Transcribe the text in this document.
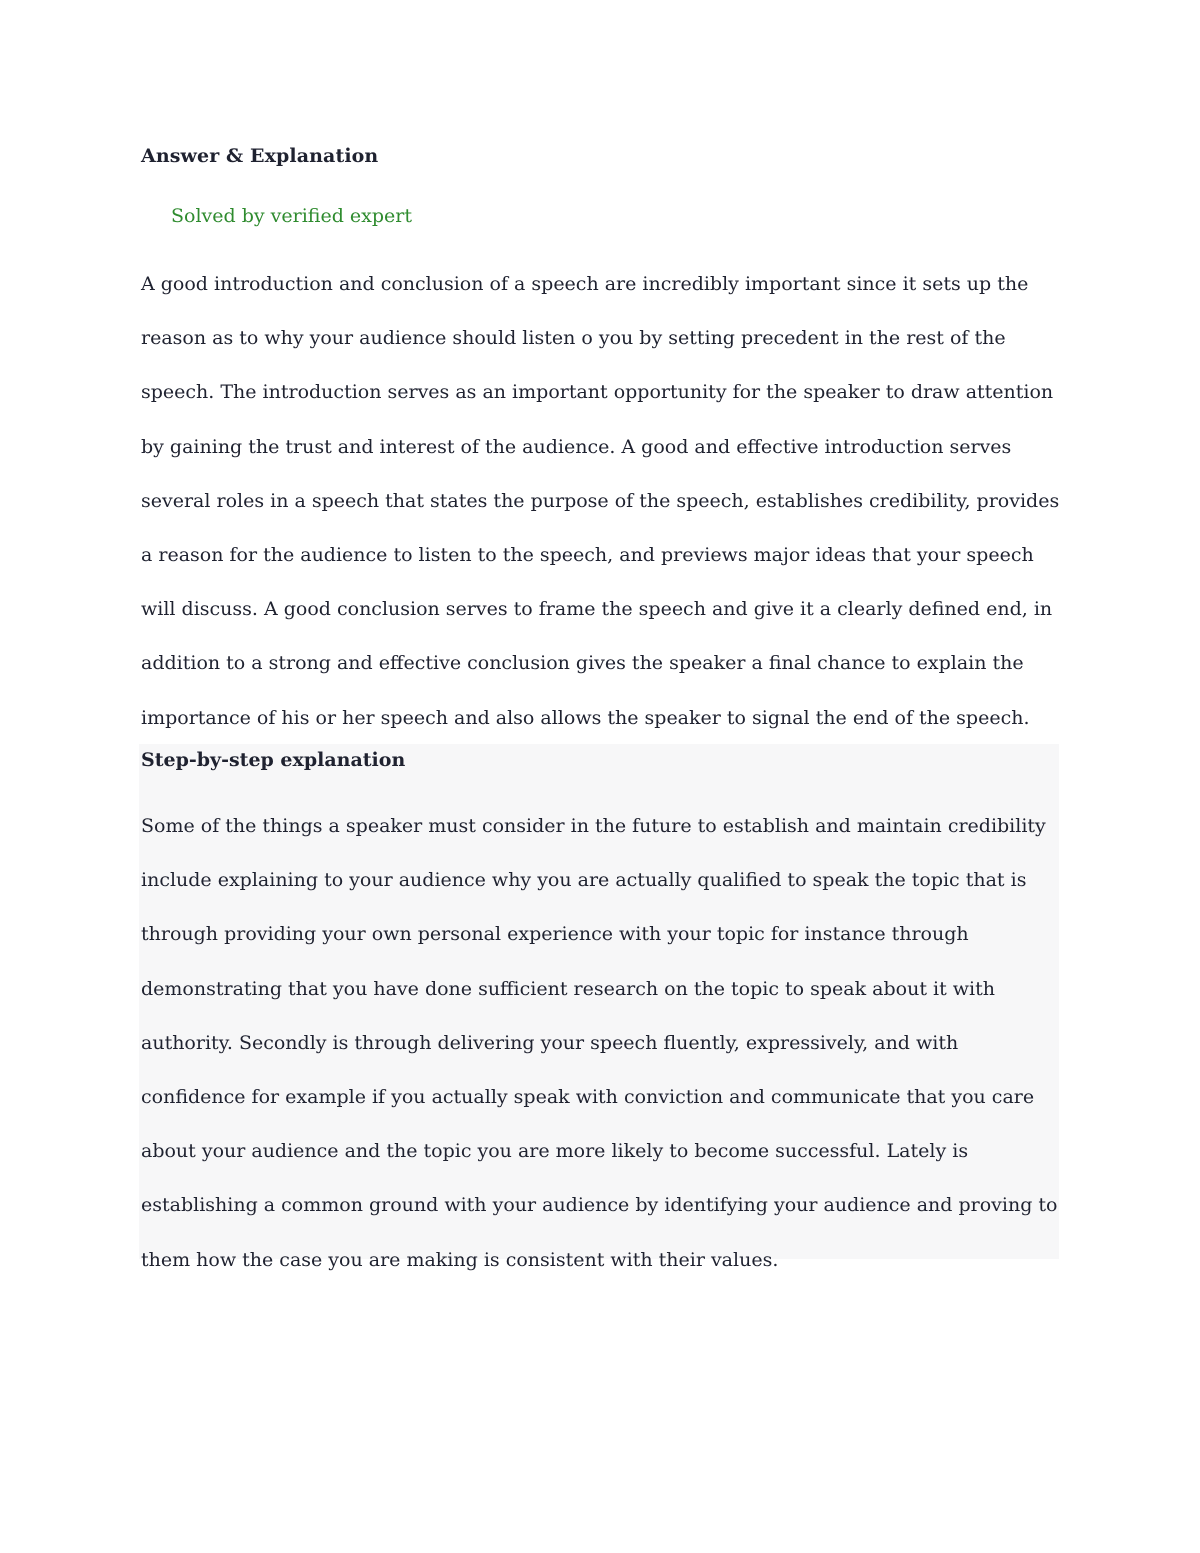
Answer & Explanation
Solved by verified expert
A good introduction and conclusion of a speech are incredibly important since it sets up the reason as to why your audience should listen o you by setting precedent in the rest of the speech. The introduction serves as an important opportunity for the speaker to draw attention by gaining the trust and interest of the audience. A good and effective introduction serves several roles in a speech that states the purpose of the speech, establishes credibility, provides a reason for the audience to listen to the speech, and previews major ideas that your speech will discuss. A good conclusion serves to frame the speech and give it a clearly defined end, in addition to a strong and effective conclusion gives the speaker a final chance to explain the importance of his or her speech and also allows the speaker to signal the end of the speech.
Step-by-step explanation
Some of the things a speaker must consider in the future to establish and maintain credibility include explaining to your audience why you are actually qualified to speak the topic that is through providing your own personal experience with your topic for instance through demonstrating that you have done sufficient research on the topic to speak about it with authority. Secondly is through delivering your speech fluently, expressively, and with confidence for example if you actually speak with conviction and communicate that you care about your audience and the topic you are more likely to become successful. Lately is establishing a common ground with your audience by identifying your audience and proving to them how the case you are making is consistent with their values.
